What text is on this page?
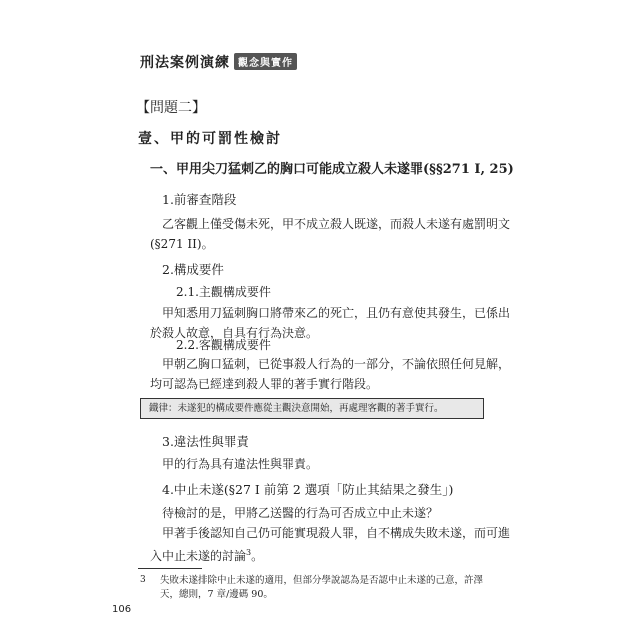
刑法案例演練 觀念與實作
【問題二】
壹、甲的可罰性檢討
一、甲用尖刀猛刺乙的胸口可能成立殺人未遂罪(§§271 I, 25)
1.前審查階段
乙客觀上僅受傷未死，甲不成立殺人既遂，而殺人未遂有處罰明文
(§271 II)。
2.構成要件
2.1.主觀構成要件
甲知悉用刀猛刺胸口將帶來乙的死亡，且仍有意使其發生，已係出
於殺人故意，自具有行為決意。
2.2.客觀構成要件
甲朝乙胸口猛刺，已從事殺人行為的一部分，不論依照任何見解，
均可認為已經達到殺人罪的著手實行階段。
鐵律：未遂犯的構成要件應從主觀決意開始，再處理客觀的著手實行。
3.違法性與罪責
甲的行為具有違法性與罪責。
4.中止未遂(§27 I 前第 2 選項「防止其結果之發生」)
待檢討的是，甲將乙送醫的行為可否成立中止未遂？
甲著手後認知自己仍可能實現殺人罪，自不構成失敗未遂，而可進
入中止未遂的討論$^3$。
3 失敗未遂排除中止未遂的適用，但部分學說認為是否認中止未遂的己意，許澤天，總則，7 章/邊碼 90。
106
